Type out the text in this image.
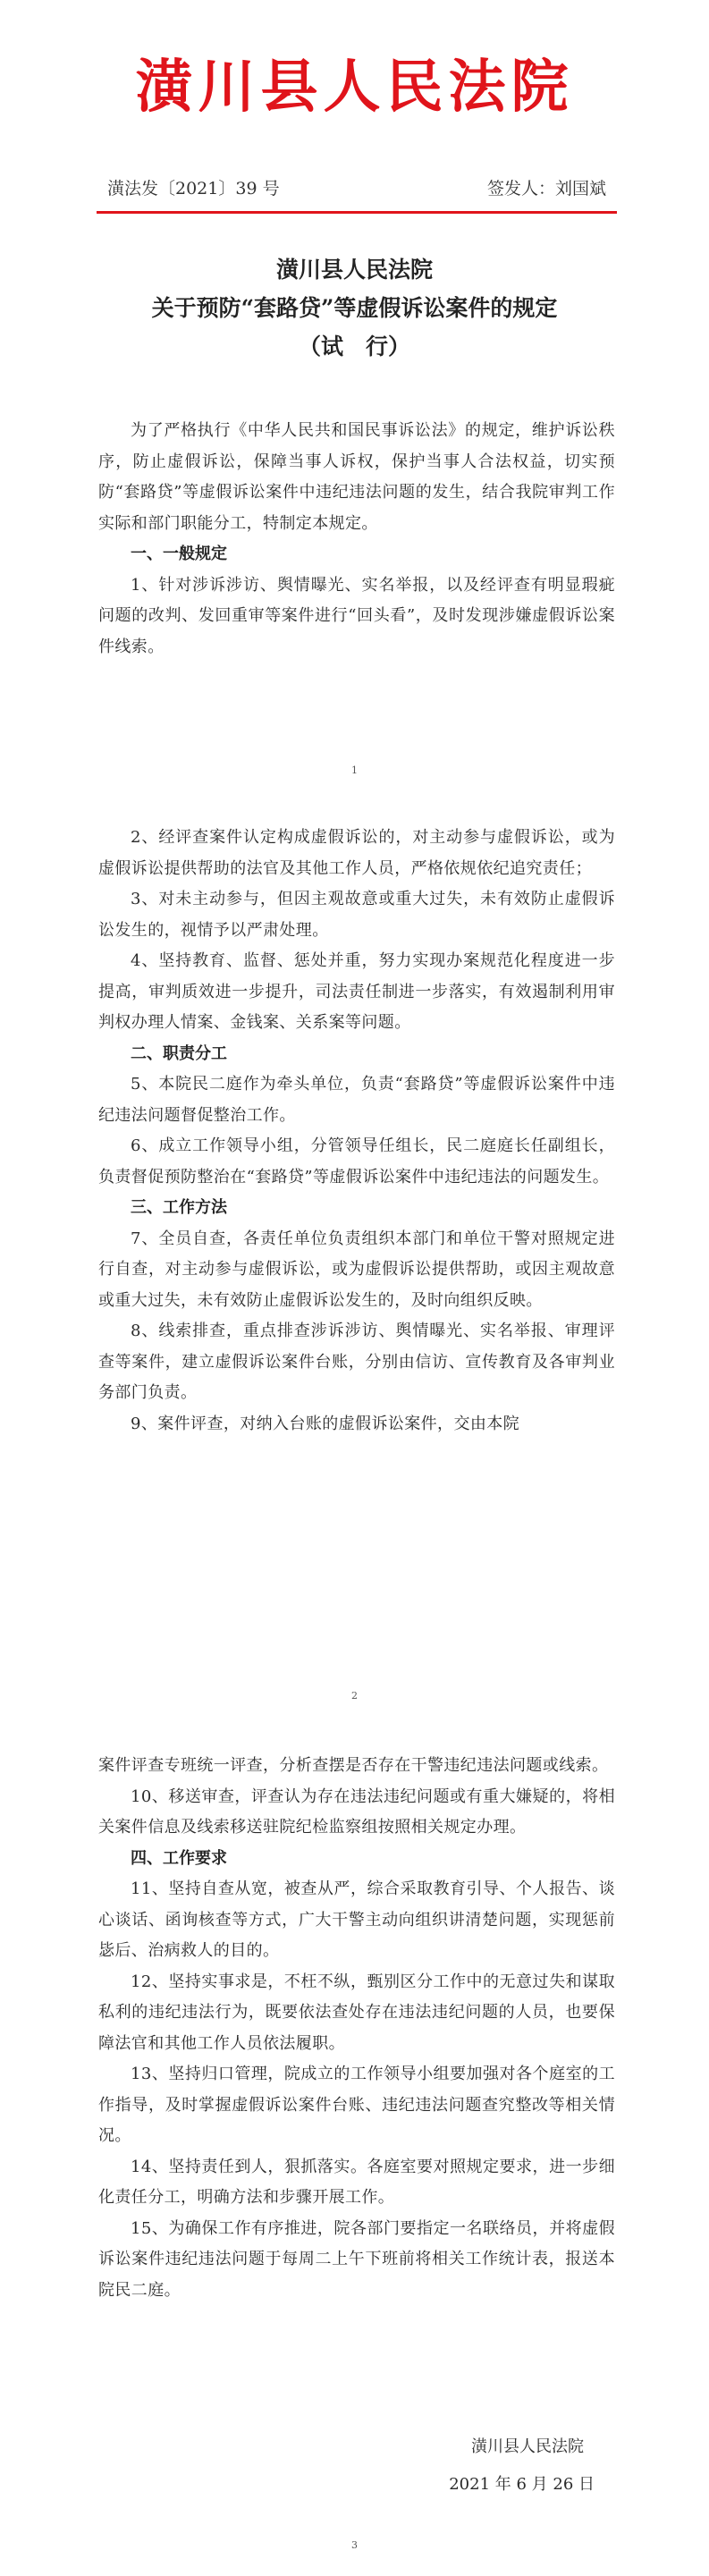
潢川县人民法院
潢法发〔2021〕39 号	签发人：刘国斌
潢川县人民法院
关于预防“套路贷”等虚假诉讼案件的规定
（试　行）

为了严格执行《中华人民共和国民事诉讼法》的规定，维护诉讼秩序，防止虚假诉讼，保障当事人诉权，保护当事人合法权益，切实预防“套路贷”等虚假诉讼案件中违纪违法问题的发生，结合我院审判工作实际和部门职能分工，特制定本规定。

一、一般规定

1、针对涉诉涉访、舆情曝光、实名举报，以及经评查有明显瑕疵问题的改判、发回重审等案件进行“回头看”，及时发现涉嫌虚假诉讼案件线索。

1

2、经评查案件认定构成虚假诉讼的，对主动参与虚假诉讼，或为虚假诉讼提供帮助的法官及其他工作人员，严格依规依纪追究责任；

3、对未主动参与，但因主观故意或重大过失，未有效防止虚假诉讼发生的，视情予以严肃处理。

4、坚持教育、监督、惩处并重，努力实现办案规范化程度进一步提高，审判质效进一步提升，司法责任制进一步落实，有效遏制利用审判权办理人情案、金钱案、关系案等问题。

二、职责分工

5、本院民二庭作为牵头单位，负责“套路贷”等虚假诉讼案件中违纪违法问题督促整治工作。

6、成立工作领导小组，分管领导任组长，民二庭庭长任副组长，负责督促预防整治在“套路贷”等虚假诉讼案件中违纪违法的问题发生。

三、工作方法

7、全员自查，各责任单位负责组织本部门和单位干警对照规定进行自查，对主动参与虚假诉讼，或为虚假诉讼提供帮助，或因主观故意或重大过失，未有效防止虚假诉讼发生的，及时向组织反映。

8、线索排查，重点排查涉诉涉访、舆情曝光、实名举报、审理评查等案件，建立虚假诉讼案件台账，分别由信访、宣传教育及各审判业务部门负责。

9、案件评查，对纳入台账的虚假诉讼案件，交由本院

2

案件评查专班统一评查，分析查摆是否存在干警违纪违法问题或线索。

10、移送审查，评查认为存在违法违纪问题或有重大嫌疑的，将相关案件信息及线索移送驻院纪检监察组按照相关规定办理。

四、工作要求

11、坚持自查从宽，被查从严，综合采取教育引导、个人报告、谈心谈话、函询核查等方式，广大干警主动向组织讲清楚问题，实现惩前毖后、治病救人的目的。

12、坚持实事求是，不枉不纵，甄别区分工作中的无意过失和谋取私利的违纪违法行为，既要依法查处存在违法违纪问题的人员，也要保障法官和其他工作人员依法履职。

13、坚持归口管理，院成立的工作领导小组要加强对各个庭室的工作指导，及时掌握虚假诉讼案件台账、违纪违法问题查究整改等相关情况。

14、坚持责任到人，狠抓落实。各庭室要对照规定要求，进一步细化责任分工，明确方法和步骤开展工作。

15、为确保工作有序推进，院各部门要指定一名联络员，并将虚假诉讼案件违纪违法问题于每周二上午下班前将相关工作统计表，报送本院民二庭。

潢川县人民法院
2021 年 6 月 26 日
3
